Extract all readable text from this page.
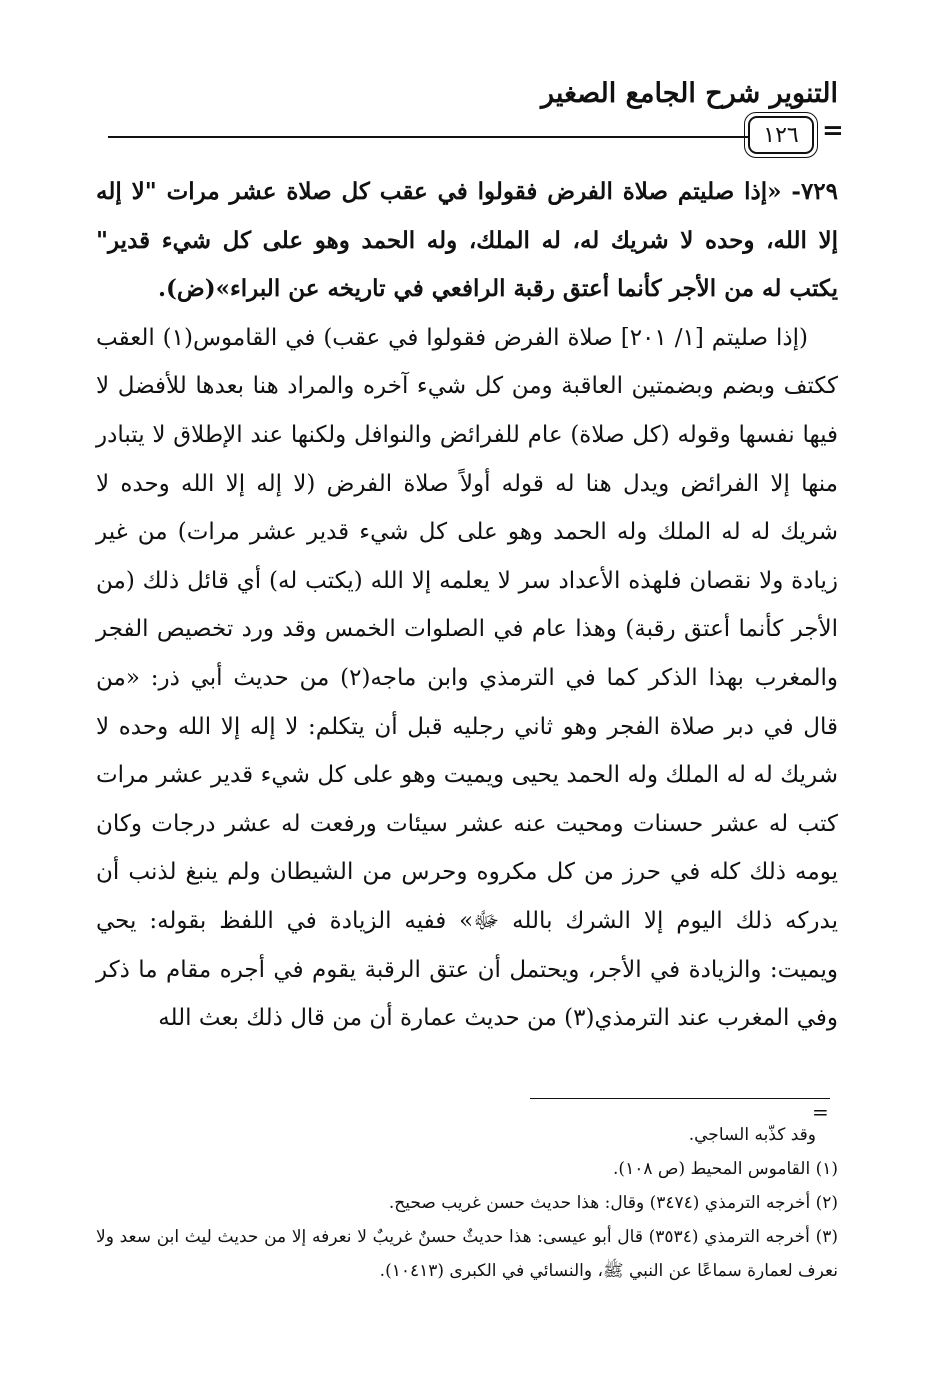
التنوير شرح الجامع الصغير
١٢٦ =

٧٢٩- «إذا صليتم صلاة الفرض فقولوا في عقب كل صلاة عشر مرات "لا إله إلا الله، وحده لا شريك له، له الملك، وله الحمد وهو على كل شيء قدير" يكتب له من الأجر كأنما أعتق رقبة الرافعي في تاريخه عن البراء»(ض).

(إذا صليتم [١/ ٢٠١] صلاة الفرض فقولوا في عقب) في القاموس(١) العقب ككتف وبضم وبضمتين العاقبة ومن كل شيء آخره والمراد هنا بعدها للأفضل لا فيها نفسها وقوله (كل صلاة) عام للفرائض والنوافل ولكنها عند الإطلاق لا يتبادر منها إلا الفرائض ويدل هنا له قوله أولاً صلاة الفرض (لا إله إلا الله وحده لا شريك له له الملك وله الحمد وهو على كل شيء قدير عشر مرات) من غير زيادة ولا نقصان فلهذه الأعداد سر لا يعلمه إلا الله (يكتب له) أي قائل ذلك (من الأجر كأنما أعتق رقبة) وهذا عام في الصلوات الخمس وقد ورد تخصيص الفجر والمغرب بهذا الذكر كما في الترمذي وابن ماجه(٢) من حديث أبي ذر: «من قال في دبر صلاة الفجر وهو ثاني رجليه قبل أن يتكلم: لا إله إلا الله وحده لا شريك له له الملك وله الحمد يحيى ويميت وهو على كل شيء قدير عشر مرات كتب له عشر حسنات ومحيت عنه عشر سيئات ورفعت له عشر درجات وكان يومه ذلك كله في حرز من كل مكروه وحرس من الشيطان ولم ينبغ لذنب أن يدركه ذلك اليوم إلا الشرك بالله ﷻ» ففيه الزيادة في اللفظ بقوله: يحي ويميت: والزيادة في الأجر، ويحتمل أن عتق الرقبة يقوم في أجره مقام ما ذكر وفي المغرب عند الترمذي(٣) من حديث عمارة أن من قال ذلك بعث الله

=

وقد كذّبه الساجي.

(١) القاموس المحيط (ص ١٠٨).

(٢) أخرجه الترمذي (٣٤٧٤) وقال: هذا حديث حسن غريب صحيح.

(٣) أخرجه الترمذي (٣٥٣٤) قال أبو عيسى: هذا حديثٌ حسنٌ غريبٌ لا نعرفه إلا من حديث ليث ابن سعد ولا نعرف لعمارة سماعًا عن النبي ﷺ، والنسائي في الكبرى (١٠٤١٣).
